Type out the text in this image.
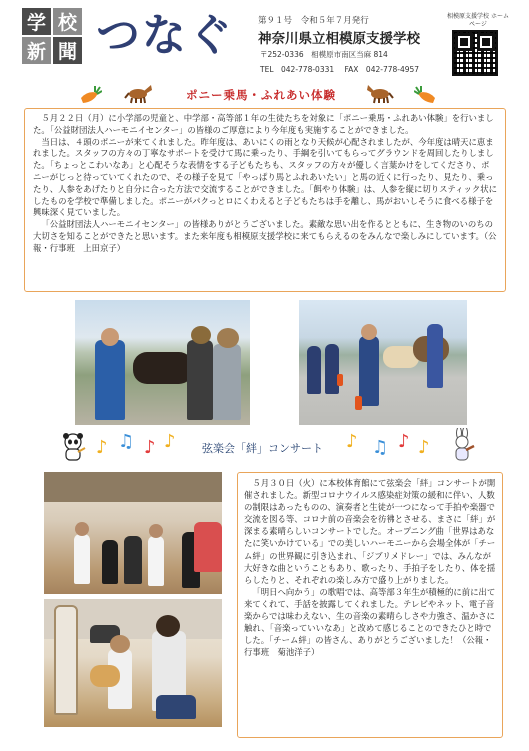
学 校
新 聞 つなぐ	第９１号 令和５年７月発行
神奈川県立相模原支援学校
〒252-0336　相模原市南区当麻 814
TEL　042-778-0331 FAX　042-778-4957
相模原支援学校 ホームページ
ポニー乗馬・ふれあい体験

５月２２日（月）に小学部の児童と、中学部・高等部１年の生徒たちを対象に「ポニー乗馬・ふれあい体験」を行いました。「公益財団法人ハーモニイセンター」の皆様のご厚意により今年度も実施することができました。

当日は、４頭のポニーが来てくれました。昨年度は、あいにくの雨となり天候が心配されましたが、今年度は晴天に恵まれました。スタッフの方々の丁寧なサポートを受けて馬に乗ったり、手綱を引いてもらってグラウンドを周回したりしました。「ちょっとこわいなあ」と心配そうな表情をする子どもたちも、スタッフの方々が優しく言葉かけをしてくださり、ポニーがじっと待っていてくれたので、その様子を見て「やっぱり馬とふれあいたい」と馬の近くに行ったり、見たり、乗ったり、人参をあげたりと自分に合った方法で交流することができました。「餌やり体験」は、人参を縦に切りスティック状にしたものを学校で準備しました。ポニーがパクっとロにくわえると子どもたちは手を離し、馬がおいしそうに食べる様子を興味深く見ていました。

「公益財団法人ハーモニイセンター」の皆様ありがとうございました。素敵な思い出を作るとともに、生き物のいのちの大切さを知ることができたと思います。また来年度も相模原支援学校に来てもらえるのをみんなで楽しみにしています。（公報・行事班　上田京子）

♪ ♫ ♪ ♪ 弦楽会「絆」コンサート ♪ ♫ ♪ ♪

５月３０日（火）に本校体育館にて弦楽会「絆」コンサートが開催されました。新型コロナウイルス感染症対策の緩和に伴い、人数の制限はあったものの、演奏者と生徒が一つになって手拍や楽器で交流を図る等、コロナ前の音楽会を彷彿とさせる、まさに「絆」が深まる素晴らしいコンサートでした。オープニング曲「世界はあなたに笑いかけている」での美しいハーモニーから会場全体が「チーム絆」の世界観に引き込まれ、「ジブリメドレー」では、みんなが大好きな曲ということもあり、歌ったり、手拍子をしたり、体を揺らしたりと、それぞれの楽しみ方で盛り上がりました。

「明日へ向かう」の歌唱では、高等部３年生が積極的に前に出て来てくれて、手話を披露してくれました。テレビやネット、電子音楽からでは味わえない、生の音楽の素晴らしさや力強さ、温かさに触れ、「音楽っていいなあ」と改めて感じることのできたひと時でした。「チーム絆」の皆さん、ありがとうございました！（公報・行事班　菊池洋子）
